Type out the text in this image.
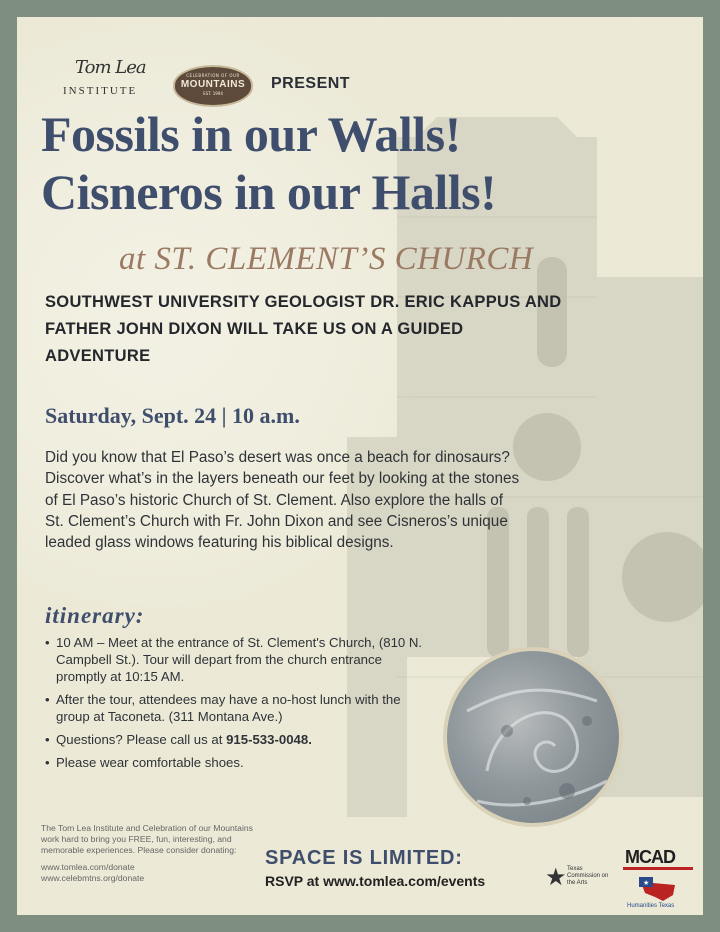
Tom Lea
INSTITUTE
CELEBRATION OF OUR
MOUNTAINS
EST. 1994
PRESENT
Fossils in our Walls!
Cisneros in our Halls!
at ST. CLEMENT’S CHURCH
SOUTHWEST UNIVERSITY GEOLOGIST DR. ERIC KAPPUS AND FATHER JOHN DIXON WILL TAKE US ON A GUIDED ADVENTURE
Saturday, Sept. 24 | 10 a.m.
Did you know that El Paso’s desert was once a beach for dinosaurs? Discover what’s in the layers beneath our feet by looking at the stones of El Paso’s historic Church of St. Clement. Also explore the halls of St. Clement’s Church with Fr. John Dixon and see Cisneros’s unique leaded glass windows featuring his biblical designs.
itinerary:
• 10 AM – Meet at the entrance of St. Clement's Church, (810 N. Campbell St.). Tour will depart from the church entrance promptly at 10:15 AM.
• After the tour, attendees may have a no-host lunch with the group at Taconeta. (311 Montana Ave.)
• Questions? Please call us at 915-533-0048.
• Please wear comfortable shoes.
The Tom Lea Institute and Celebration of our Mountains work hard to bring you FREE, fun, interesting, and memorable experiences. Please consider donating:
www.tomlea.com/donate
www.celebmtns.org/donate
SPACE IS LIMITED:
RSVP at www.tomlea.com/events ★ Texas Commission on the Arts
MCAD
★
Humanities Texas
